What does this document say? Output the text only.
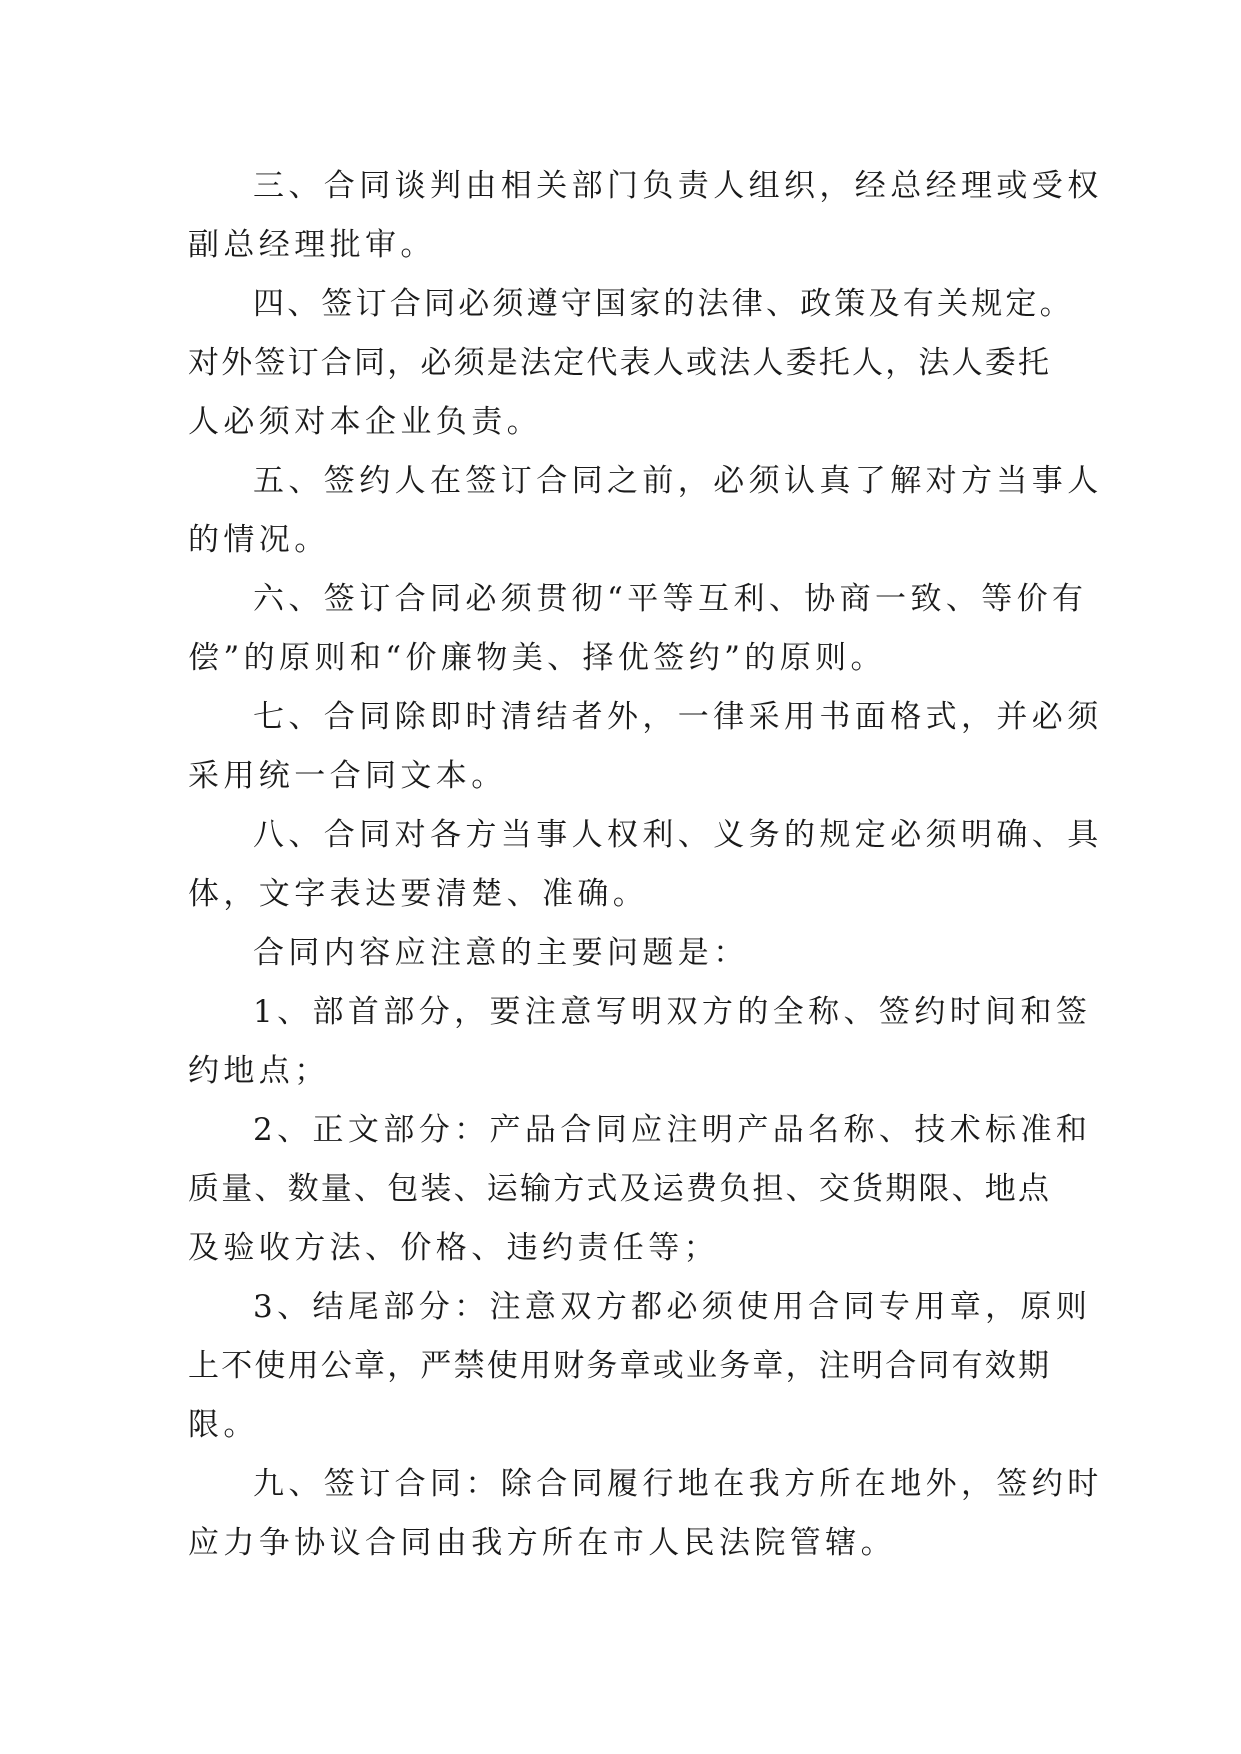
三、合同谈判由相关部门负责人组织，经总经理或受权
副总经理批审。
四、签订合同必须遵守国家的法律、政策及有关规定。
对外签订合同，必须是法定代表人或法人委托人，法人委托
人必须对本企业负责。
五、签约人在签订合同之前，必须认真了解对方当事人
的情况。
六、签订合同必须贯彻“平等互利、协商一致、等价有
偿”的原则和“价廉物美、择优签约”的原则。
七、合同除即时清结者外，一律采用书面格式，并必须
采用统一合同文本。
八、合同对各方当事人权利、义务的规定必须明确、具
体，文字表达要清楚、准确。
合同内容应注意的主要问题是：
1、部首部分，要注意写明双方的全称、签约时间和签
约地点；
2、正文部分：产品合同应注明产品名称、技术标准和
质量、数量、包装、运输方式及运费负担、交货期限、地点
及验收方法、价格、违约责任等；
3、结尾部分：注意双方都必须使用合同专用章，原则
上不使用公章，严禁使用财务章或业务章，注明合同有效期
限。
九、签订合同：除合同履行地在我方所在地外，签约时
应力争协议合同由我方所在市人民法院管辖。
